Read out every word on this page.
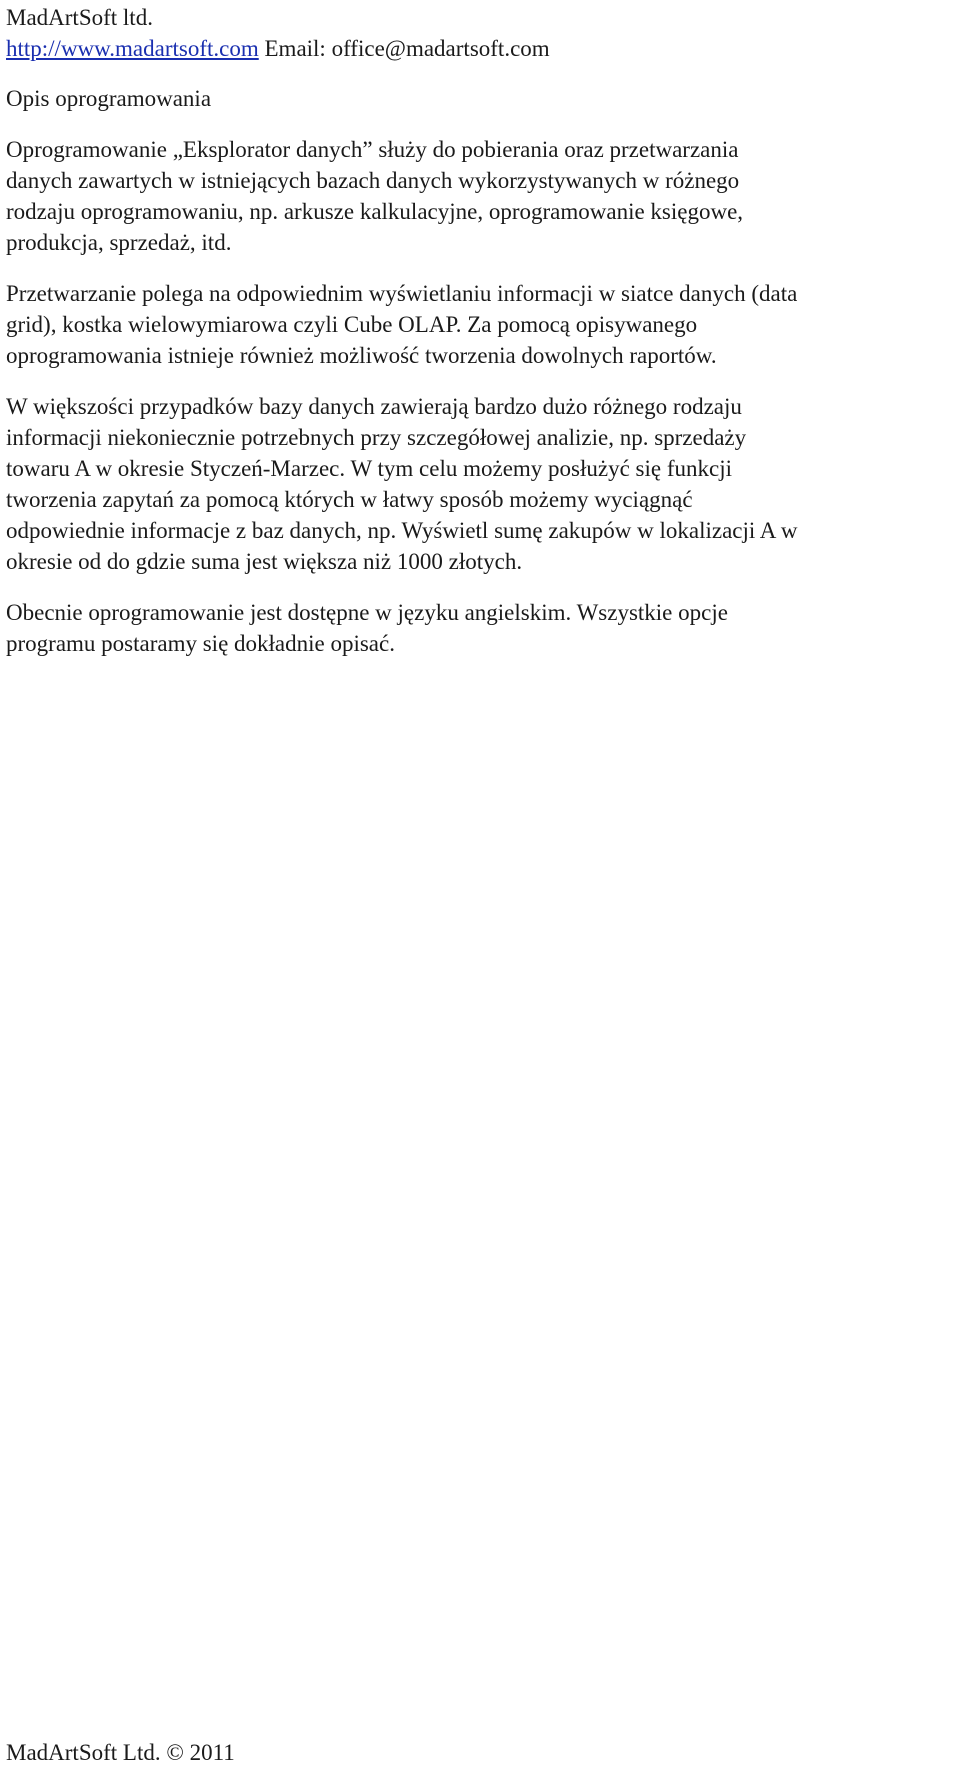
MadArtSoft ltd.
http://www.madartsoft.com Email: office@madartsoft.com
Opis oprogramowania
Oprogramowanie „Eksplorator danych” służy do pobierania oraz przetwarzania
danych zawartych w istniejących bazach danych wykorzystywanych w różnego
rodzaju oprogramowaniu, np. arkusze kalkulacyjne, oprogramowanie księgowe,
produkcja, sprzedaż, itd.
Przetwarzanie polega na odpowiednim wyświetlaniu informacji w siatce danych (data
grid), kostka wielowymiarowa czyli Cube OLAP. Za pomocą opisywanego
oprogramowania istnieje również możliwość tworzenia dowolnych raportów.
W większości przypadków bazy danych zawierają bardzo dużo różnego rodzaju
informacji niekoniecznie potrzebnych przy szczegółowej analizie, np. sprzedaży
towaru A w okresie Styczeń-Marzec. W tym celu możemy posłużyć się funkcji
tworzenia zapytań za pomocą których w łatwy sposób możemy wyciągnąć
odpowiednie informacje z baz danych, np. Wyświetl sumę zakupów w lokalizacji A w
okresie od do gdzie suma jest większa niż 1000 złotych.
Obecnie oprogramowanie jest dostępne w języku angielskim. Wszystkie opcje
programu postaramy się dokładnie opisać.
MadArtSoft Ltd. © 2011
